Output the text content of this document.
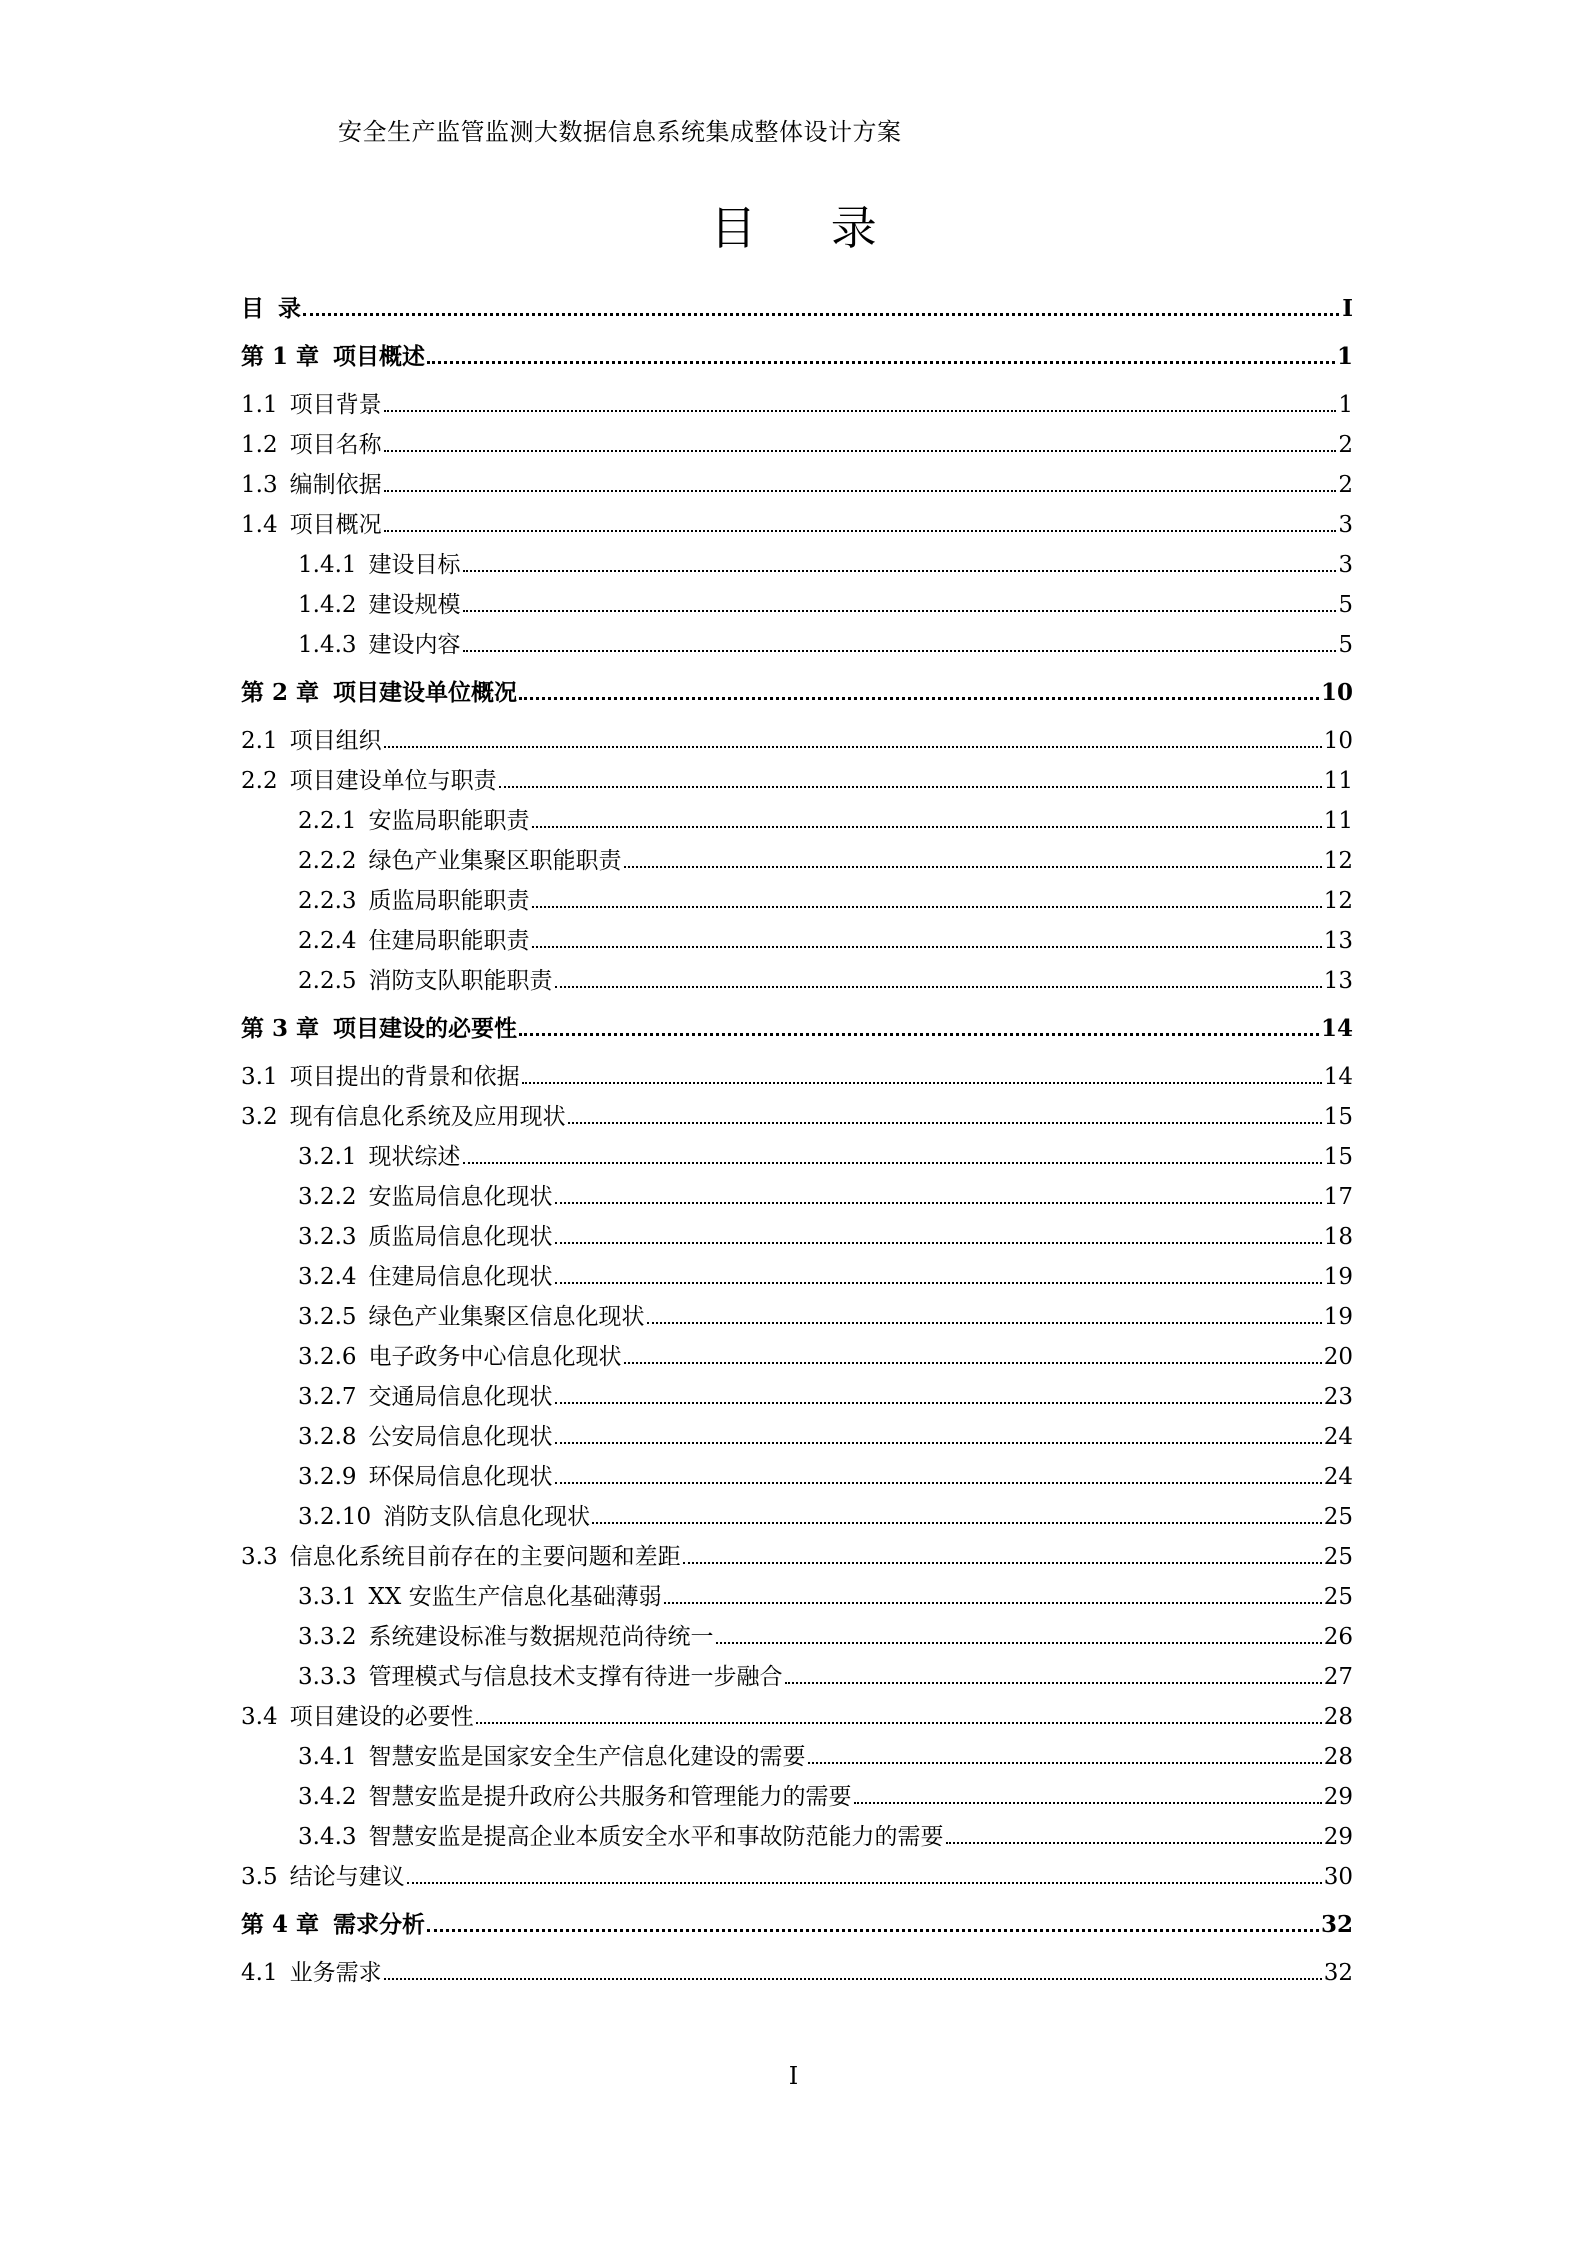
安全生产监管监测大数据信息系统集成整体设计方案
目 录
目 录	I
第 1 章 项目概述	1
1.1 项目背景	1
1.2 项目名称	2
1.3 编制依据	2
1.4 项目概况	3
1.4.1 建设目标	3
1.4.2 建设规模	5
1.4.3 建设内容	5
第 2 章 项目建设单位概况	10
2.1 项目组织	10
2.2 项目建设单位与职责	11
2.2.1 安监局职能职责	11
2.2.2 绿色产业集聚区职能职责	12
2.2.3 质监局职能职责	12
2.2.4 住建局职能职责	13
2.2.5 消防支队职能职责	13
第 3 章 项目建设的必要性	14
3.1 项目提出的背景和依据	14
3.2 现有信息化系统及应用现状	15
3.2.1 现状综述	15
3.2.2 安监局信息化现状	17
3.2.3 质监局信息化现状	18
3.2.4 住建局信息化现状	19
3.2.5 绿色产业集聚区信息化现状	19
3.2.6 电子政务中心信息化现状	20
3.2.7 交通局信息化现状	23
3.2.8 公安局信息化现状	24
3.2.9 环保局信息化现状	24
3.2.10 消防支队信息化现状	25
3.3 信息化系统目前存在的主要问题和差距	25
3.3.1 XX 安监生产信息化基础薄弱	25
3.3.2 系统建设标准与数据规范尚待统一	26
3.3.3 管理模式与信息技术支撑有待进一步融合	27
3.4 项目建设的必要性	28
3.4.1 智慧安监是国家安全生产信息化建设的需要	28
3.4.2 智慧安监是提升政府公共服务和管理能力的需要	29
3.4.3 智慧安监是提高企业本质安全水平和事故防范能力的需要	29
3.5 结论与建议	30
第 4 章 需求分析	32
4.1 业务需求	32
I
